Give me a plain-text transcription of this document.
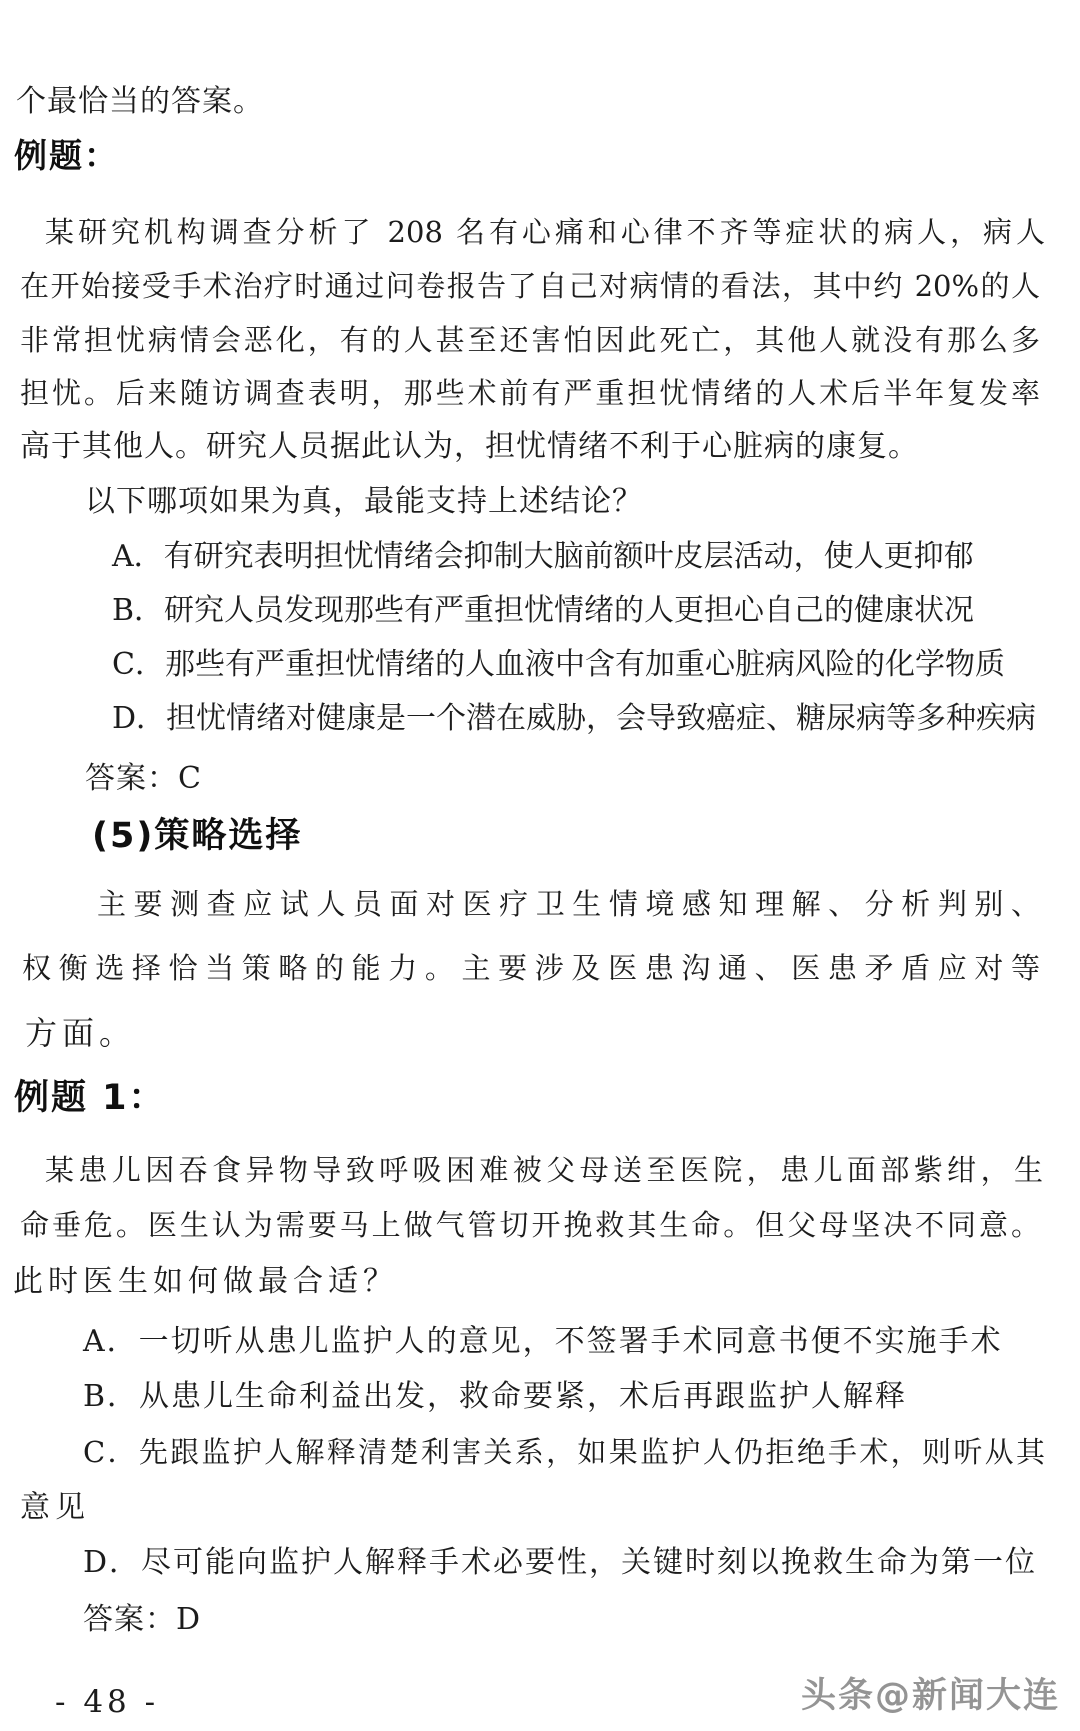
个最恰当的答案。
例题：
某研究机构调查分析了 208 名有心痛和心律不齐等症状的病人，病人
在开始接受手术治疗时通过问卷报告了自己对病情的看法，其中约 20%的人
非常担忧病情会恶化，有的人甚至还害怕因此死亡，其他人就没有那么多
担忧。后来随访调查表明，那些术前有严重担忧情绪的人术后半年复发率
高于其他人。研究人员据此认为，担忧情绪不利于心脏病的康复。
以下哪项如果为真，最能支持上述结论？
A．有研究表明担忧情绪会抑制大脑前额叶皮层活动，使人更抑郁
B．研究人员发现那些有严重担忧情绪的人更担心自己的健康状况
C．那些有严重担忧情绪的人血液中含有加重心脏病风险的化学物质
D．担忧情绪对健康是一个潜在威胁，会导致癌症、糖尿病等多种疾病
答案：C
(5)策略选择
主要测查应试人员面对医疗卫生情境感知理解、分析判别、
权衡选择恰当策略的能力。主要涉及医患沟通、医患矛盾应对等
方面。
例题 1：
某患儿因吞食异物导致呼吸困难被父母送至医院，患儿面部紫绀，生
命垂危。医生认为需要马上做气管切开挽救其生命。但父母坚决不同意。
此时医生如何做最合适？
A．一切听从患儿监护人的意见，不签署手术同意书便不实施手术
B．从患儿生命利益出发，救命要紧，术后再跟监护人解释
C．先跟监护人解释清楚利害关系，如果监护人仍拒绝手术，则听从其
意见
D．尽可能向监护人解释手术必要性，关键时刻以挽救生命为第一位
答案：D
- 48 -	头条@新闻大连
